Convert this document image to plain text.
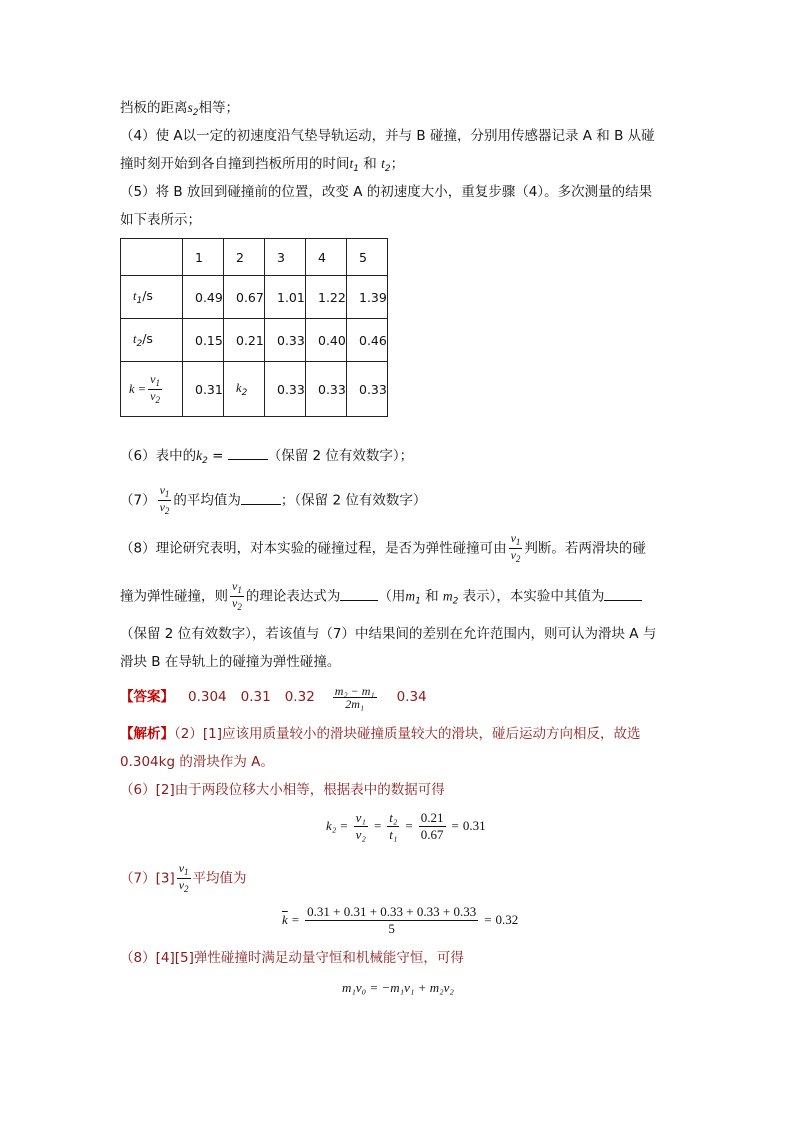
挡板的距离$s_2$相等；
（4）使 A以一定的初速度沿气垫导轨运动，并与 B 碰撞，分别用传感器记录 A 和 B 从碰
撞时刻开始到各自撞到挡板所用的时间$t_1$ 和 $t_2$；
（5）将 B 放回到碰撞前的位置，改变 A 的初速度大小，重复步骤（4）。多次测量的结果
如下表所示；
	1	2	3	4	5
$t_1/s$	0.49	0.67	1.01	1.22	1.39
$t_2/s$	0.15	0.21	0.33	0.40	0.46
$k = \frac{v_1}{v_2}$	0.31	$k_2$	0.33	0.33	0.33
（6）表中的$k_2$ =	（保留 2 位有效数字）；
$(7) \frac{v_1}{v_2}$ 的平均值为	；（保留 2 位有效数字）
（8）理论研究表明，对本实验的碰撞过程，是否为弹性碰撞可由 $\frac{v_1}{v_2}$ 判断。若两滑块的碰
撞为弹性碰撞，则 $\frac{v_1}{v_2}$ 的理论表达式为	（用$m_1$ 和 $m_2$ 表示），本实验中其值为
（保留 2 位有效数字），若该值与（7）中结果间的差别在允许范围内，则可认为滑块 A 与
滑块 B 在导轨上的碰撞为弹性碰撞。
【答案】 0.304 0.31 $0.32 \frac{\text{m₂ − m₁}}{\text{2m₁}} 0.34$
【解析】（2）[1]应该用质量较小的滑块碰撞质量较大的滑块，碰后运动方向相反，故选
0.304kg 的滑块作为 A。
（6）[2]由于两段位移大小相等，根据表中的数据可得
$k_2 = \frac{\text{v₁}}{\text{v₂}} = \frac{\text{t₂}}{\text{t₁}} = \frac{0.21}{0.67} = 0.31$
$(7)[3] \frac{v_1}{v_2}$ 平均值为
$\overline{k} = \frac{0.31 + 0.31 + 0.33 + 0.33 + 0.33}{5} = 0.32$
（8）[4][5]弹性碰撞时满足动量守恒和机械能守恒，可得
m₁v₀ = −m₁v₁ + m₂v₂
